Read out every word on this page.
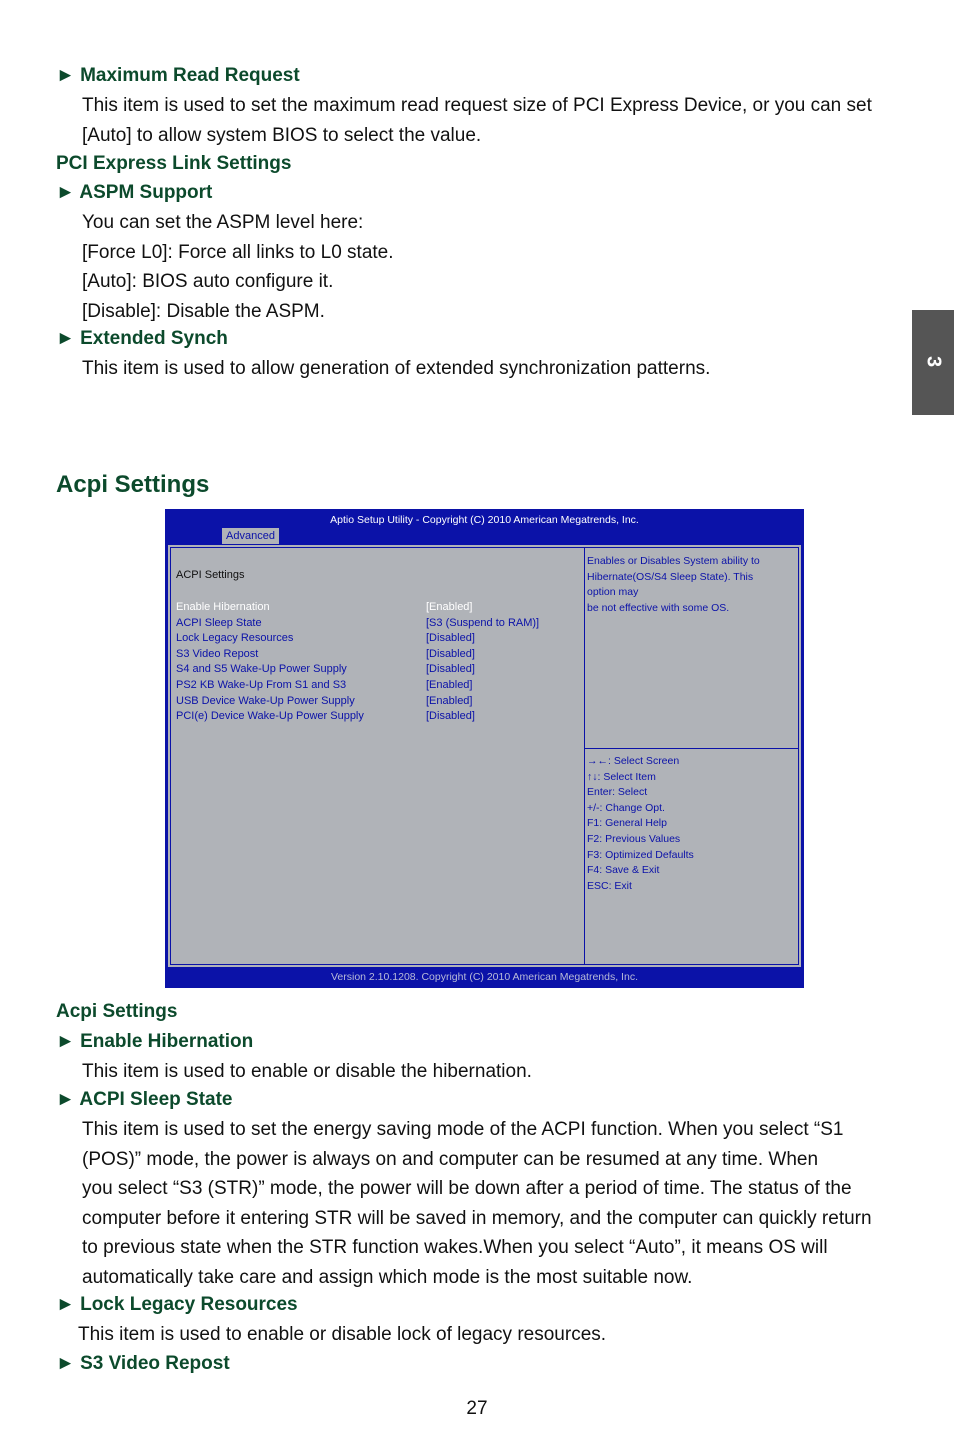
3
► Maximum Read Request
This item is used to set the maximum read request size of PCI Express Device, or you can set
[Auto] to allow system BIOS to select the value.
PCI Express Link Settings
► ASPM Support
You can set the ASPM level here:
[Force L0]: Force all links to L0 state.
[Auto]: BIOS auto configure it.
[Disable]: Disable the ASPM.
► Extended Synch
This item is used to allow generation of extended synchronization patterns.
Acpi Settings
Aptio Setup Utility - Copyright (C) 2010 American Megatrends, Inc.
Advanced
ACPI Settings
Enable Hibernation	[Enabled]
ACPI Sleep State	[S3 (Suspend to RAM)]
Lock Legacy Resources	[Disabled]
S3 Video Repost	[Disabled]
S4 and S5 Wake-Up Power Supply	[Disabled]
PS2 KB Wake-Up From S1 and S3	[Enabled]
USB Device Wake-Up Power Supply	[Enabled]
PCI(e) Device Wake-Up Power Supply	[Disabled]
Enables or Disables System ability to
Hibernate(OS/S4 Sleep State). This
option may
be not effective with some OS.
→←: Select Screen
↑↓: Select Item
Enter: Select
+/-: Change Opt.
F1: General Help
F2: Previous Values
F3: Optimized Defaults
F4: Save & Exit
ESC: Exit
Version 2.10.1208. Copyright (C) 2010 American Megatrends, Inc.
Acpi Settings
► Enable Hibernation
This item is used to enable or disable the hibernation.
► ACPI Sleep State
This item is used to set the energy saving mode of the ACPI function. When you select “S1
(POS)” mode, the power is always on and computer can be resumed at any time. When
you select “S3 (STR)” mode, the power will be down after a period of time. The status of the
computer before it entering STR will be saved in memory, and the computer can quickly return
to previous state when the STR function wakes.When you select “Auto”, it means OS will
automatically take care and assign which mode is the most suitable now.
► Lock Legacy Resources
This item is used to enable or disable lock of legacy resources.
► S3 Video Repost
27
